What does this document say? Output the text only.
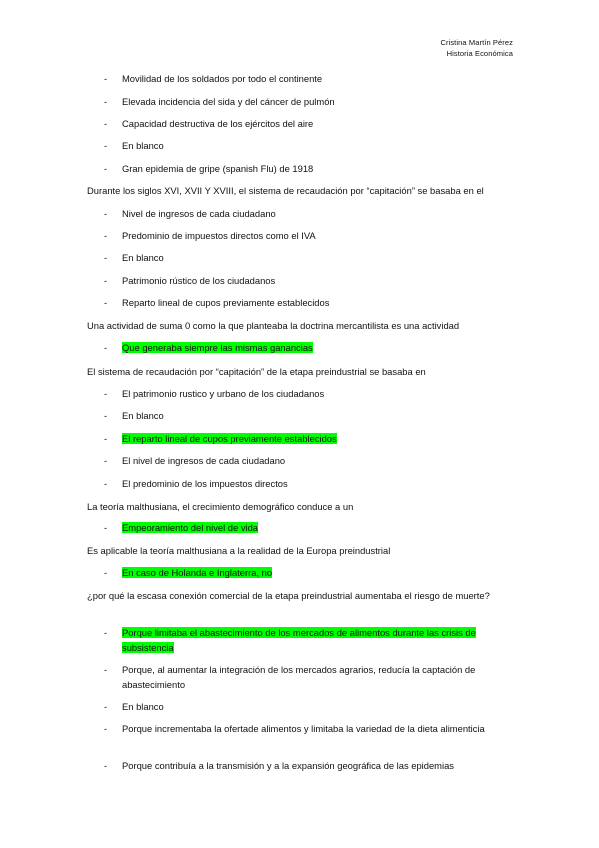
Cristina Martín Pérez
Historia Económica
-	Movilidad de los soldados por todo el continente
-	Elevada incidencia del sida y del cáncer de pulmón
-	Capacidad destructiva de los ejércitos del aire
-	En blanco
-	Gran epidemia de gripe (spanish Flu) de 1918
Durante los siglos XVI, XVII Y XVIII, el sistema de recaudación por “capitación” se basaba en el
-	Nivel de ingresos de cada ciudadano
-	Predominio de impuestos directos como el IVA
-	En blanco
-	Patrimonio rústico de los ciudadanos
-	Reparto lineal de cupos previamente establecidos
Una actividad de suma 0 como la que planteaba la doctrina mercantilista es una actividad
-	Que generaba siempre las mismas ganancias
El sistema de recaudación por “capitación” de la etapa preindustrial se basaba en
-	El patrimonio rustico y urbano de los ciudadanos
-	En blanco
-	El reparto lineal de cupos previamente establecidos
-	El nivel de ingresos de cada ciudadano
-	El predominio de los impuestos directos
La teoría malthusiana, el crecimiento demográfico conduce a un
-	Empeoramiento del nivel de vida
Es aplicable la teoría malthusiana a la realidad de la Europa preindustrial
-	En caso de Holanda e Inglaterra, no
¿por qué la escasa conexión comercial de la etapa preindustrial aumentaba el riesgo de muerte?
-	Porque limitaba el abastecimiento de los mercados de alimentos durante las crisis de subsistencia
-	Porque, al aumentar la integración de los mercados agrarios, reducía la captación de abastecimiento
-	En blanco
-	Porque incrementaba la ofertade alimentos y limitaba la variedad de la dieta alimenticia
-	Porque contribuía a la transmisión y a la expansión geográfica de las epidemias
